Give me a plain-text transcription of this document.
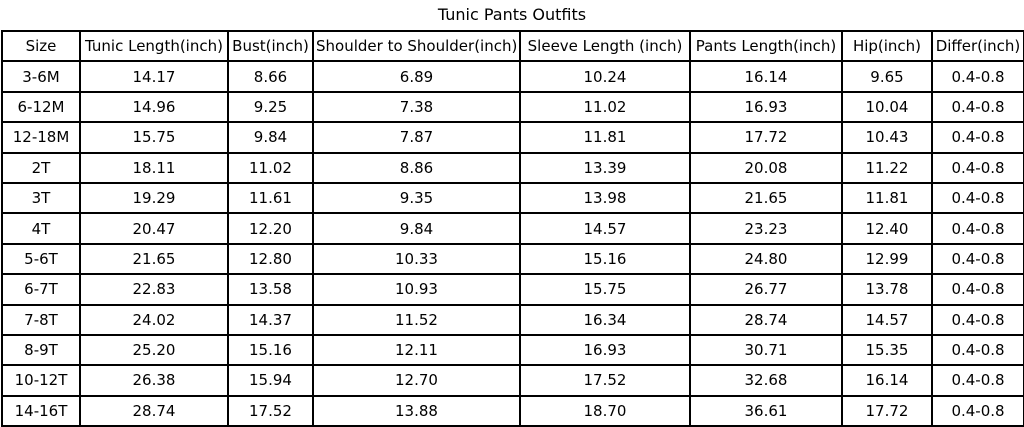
Tunic Pants Outfits
Size	Tunic Length(inch)	Bust(inch)	Shoulder to Shoulder(inch)	Sleeve Length (inch)	Pants Length(inch)	Hip(inch)	Differ(inch)
3-6M	14.17	8.66	6.89	10.24	16.14	9.65	0.4-0.8
6-12M	14.96	9.25	7.38	11.02	16.93	10.04	0.4-0.8
12-18M	15.75	9.84	7.87	11.81	17.72	10.43	0.4-0.8
2T	18.11	11.02	8.86	13.39	20.08	11.22	0.4-0.8
3T	19.29	11.61	9.35	13.98	21.65	11.81	0.4-0.8
4T	20.47	12.20	9.84	14.57	23.23	12.40	0.4-0.8
5-6T	21.65	12.80	10.33	15.16	24.80	12.99	0.4-0.8
6-7T	22.83	13.58	10.93	15.75	26.77	13.78	0.4-0.8
7-8T	24.02	14.37	11.52	16.34	28.74	14.57	0.4-0.8
8-9T	25.20	15.16	12.11	16.93	30.71	15.35	0.4-0.8
10-12T	26.38	15.94	12.70	17.52	32.68	16.14	0.4-0.8
14-16T	28.74	17.52	13.88	18.70	36.61	17.72	0.4-0.8
